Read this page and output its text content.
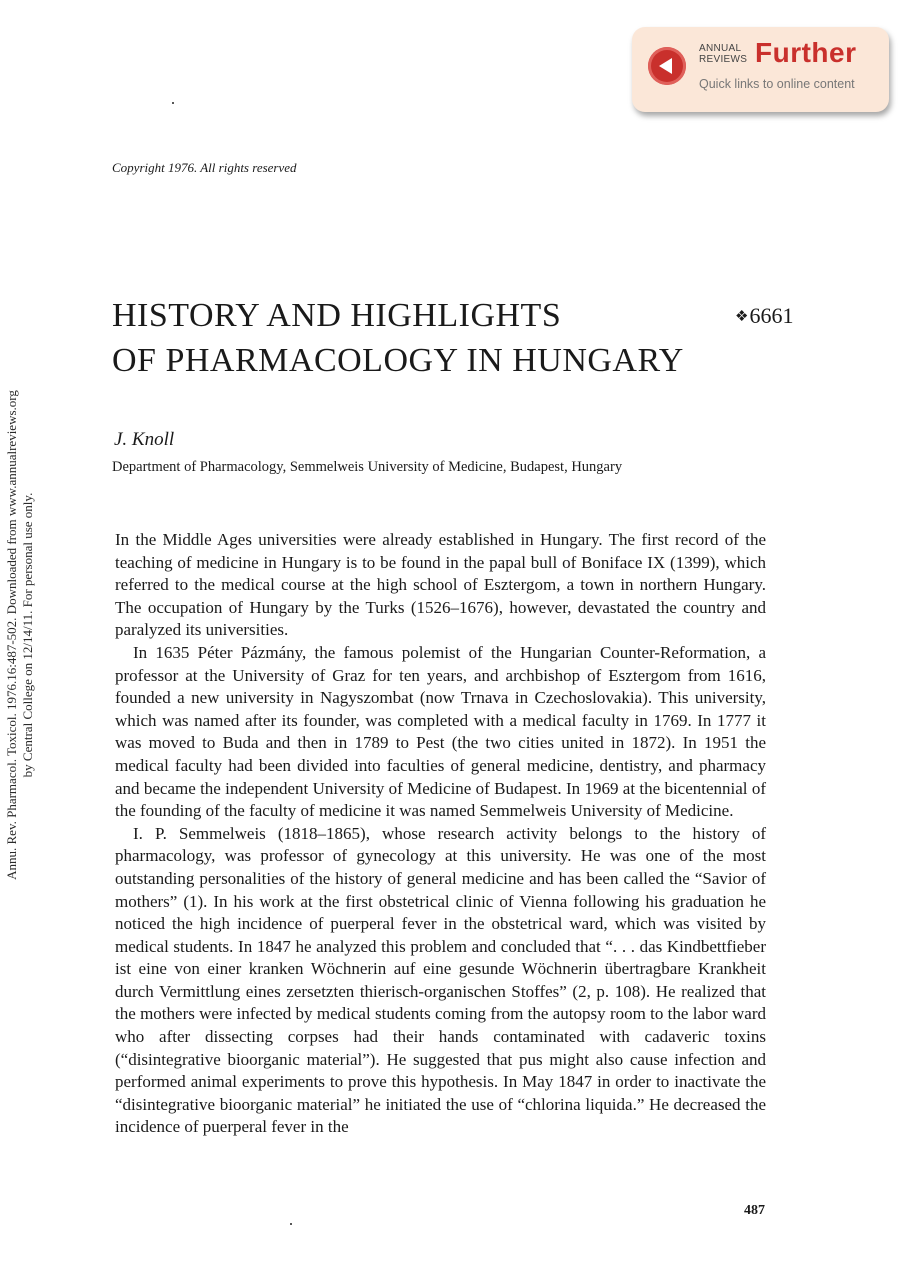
Annu. Rev. Pharmacol. Toxicol. 1976.16:487-502. Downloaded from www.annualreviews.org by Central College on 12/14/11. For personal use only.
ANNUAL
REVIEWS Further
Quick links to online content
Copyright 1976. All rights reserved
HISTORY AND HIGHLIGHTS
OF PHARMACOLOGY IN HUNGARY
❖6661
J. Knoll
Department of Pharmacology, Semmelweis University of Medicine, Budapest, Hungary

In the Middle Ages universities were already established in Hungary. The first record of the teaching of medicine in Hungary is to be found in the papal bull of Boniface IX (1399), which referred to the medical course at the high school of Esztergom, a town in northern Hungary. The occupation of Hungary by the Turks (1526–1676), however, devastated the country and paralyzed its universities.

In 1635 Péter Pázmány, the famous polemist of the Hungarian Counter-Reformation, a professor at the University of Graz for ten years, and archbishop of Esztergom from 1616, founded a new university in Nagyszombat (now Trnava in Czechoslovakia). This university, which was named after its founder, was completed with a medical faculty in 1769. In 1777 it was moved to Buda and then in 1789 to Pest (the two cities united in 1872). In 1951 the medical faculty had been divided into faculties of general medicine, dentistry, and pharmacy and became the independent University of Medicine of Budapest. In 1969 at the bicentennial of the founding of the faculty of medicine it was named Semmelweis University of Medicine.

I. P. Semmelweis (1818–1865), whose research activity belongs to the history of pharmacology, was professor of gynecology at this university. He was one of the most outstanding personalities of the history of general medicine and has been called the “Savior of mothers” (1). In his work at the first obstetrical clinic of Vienna following his graduation he noticed the high incidence of puerperal fever in the obstetrical ward, which was visited by medical students. In 1847 he analyzed this problem and concluded that “. . . das Kindbettfieber ist eine von einer kranken Wöchnerin auf eine gesunde Wöchnerin übertragbare Krankheit durch Vermittlung eines zersetzten thierisch-organischen Stoffes” (2, p. 108). He realized that the mothers were infected by medical students coming from the autopsy room to the labor ward who after dissecting corpses had their hands contaminated with cadaveric toxins (“disintegrative bioorganic material”). He suggested that pus might also cause infection and performed animal experiments to prove this hypothesis. In May 1847 in order to inactivate the “disintegrative bioorganic material” he initiated the use of “chlorina liquida.” He decreased the incidence of puerperal fever in the

487
